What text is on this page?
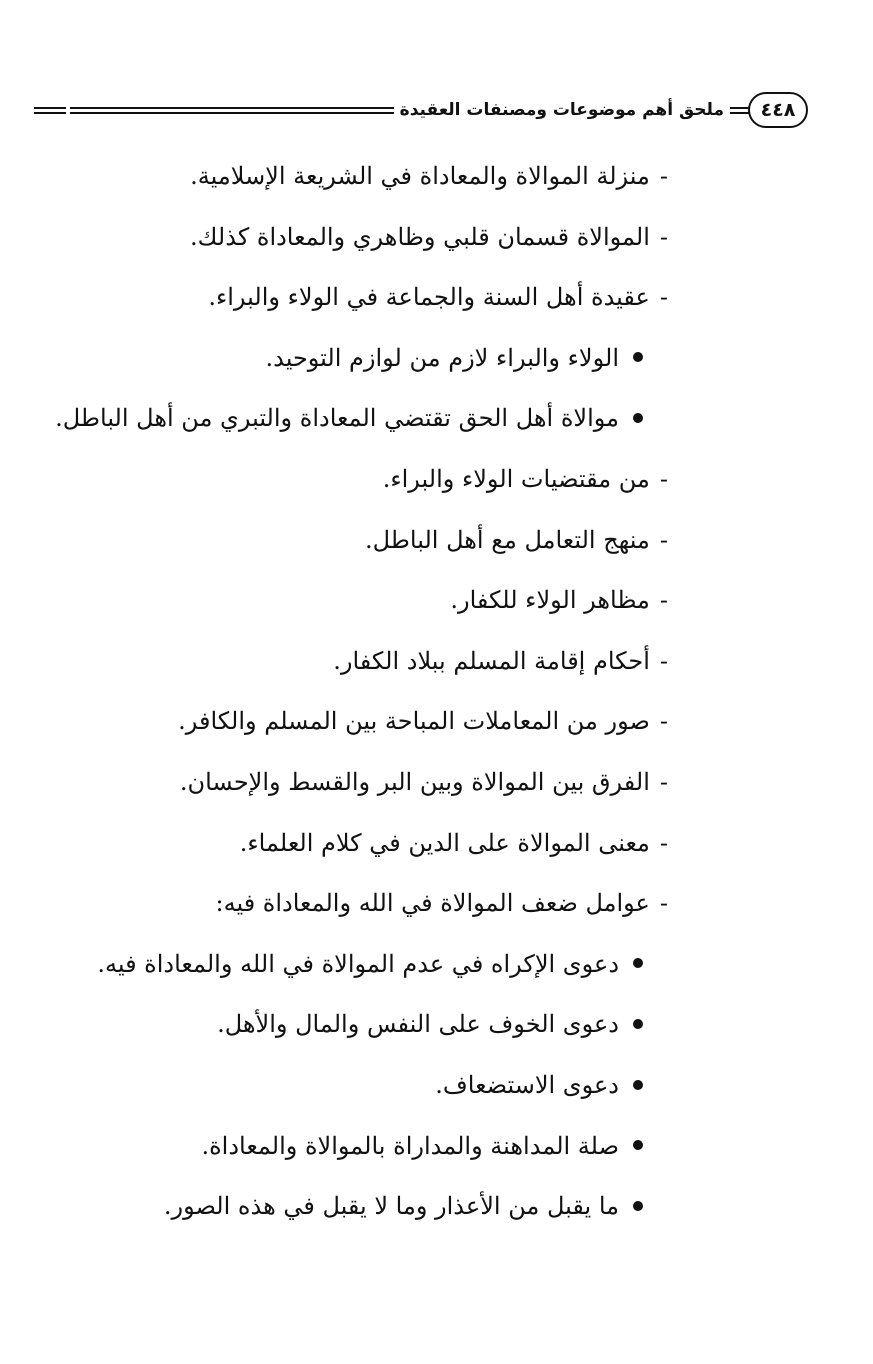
٤٤٨
ملحق أهم موضوعات ومصنفات العقيدة
-منزلة الموالاة والمعاداة في الشريعة الإسلامية.
-الموالاة قسمان قلبي وظاهري والمعاداة كذلك.
-عقيدة أهل السنة والجماعة في الولاء والبراء.
الولاء والبراء لازم من لوازم التوحيد.
موالاة أهل الحق تقتضي المعاداة والتبري من أهل الباطل.
-من مقتضيات الولاء والبراء.
-منهج التعامل مع أهل الباطل.
-مظاهر الولاء للكفار.
-أحكام إقامة المسلم ببلاد الكفار.
-صور من المعاملات المباحة بين المسلم والكافر.
-الفرق بين الموالاة وبين البر والقسط والإحسان.
-معنى الموالاة على الدين في كلام العلماء.
-عوامل ضعف الموالاة في الله والمعاداة فيه:
دعوى الإكراه في عدم الموالاة في الله والمعاداة فيه.
دعوى الخوف على النفس والمال والأهل.
دعوى الاستضعاف.
صلة المداهنة والمداراة بالموالاة والمعاداة.
ما يقبل من الأعذار وما لا يقبل في هذه الصور.
